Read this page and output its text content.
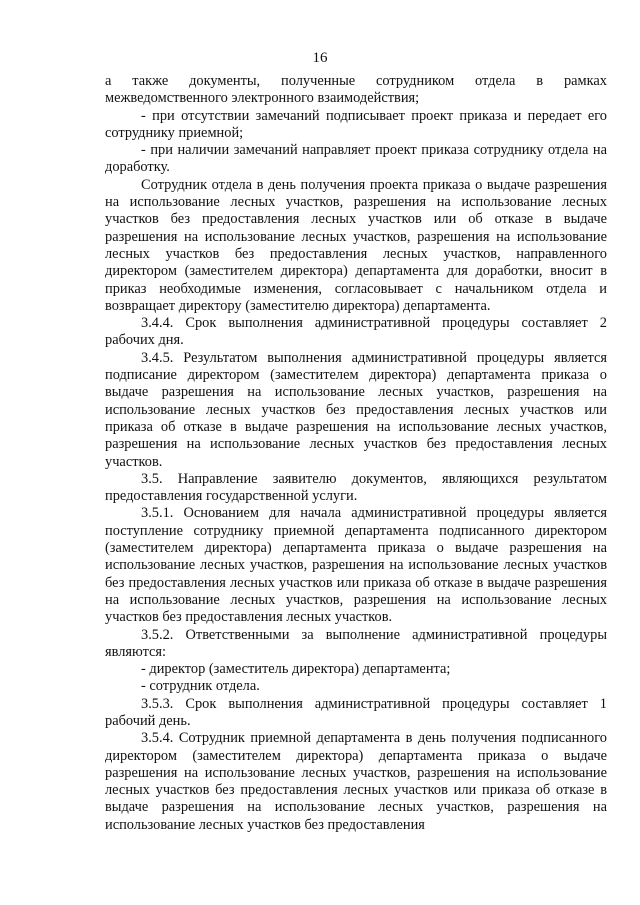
16

а также документы, полученные сотрудником отдела в рамках межведомственного электронного взаимодействия;

- при отсутствии замечаний подписывает проект приказа и передает его сотруднику приемной;

- при наличии замечаний направляет проект приказа сотруднику отдела на доработку.

Сотрудник отдела в день получения проекта приказа о выдаче разрешения на использование лесных участков, разрешения на использование лесных участков без предоставления лесных участков или об отказе в выдаче разрешения на использование лесных участков, разрешения на использование лесных участков без предоставления лесных участков, направленного директором (заместителем директора) департамента для доработки, вносит в приказ необходимые изменения, согласовывает с начальником отдела и возвращает директору (заместителю директора) департамента.

3.4.4. Срок выполнения административной процедуры составляет 2 рабочих дня.

3.4.5. Результатом выполнения административной процедуры является подписание директором (заместителем директора) департамента приказа о выдаче разрешения на использование лесных участков, разрешения на использование лесных участков без предоставления лесных участков или приказа об отказе в выдаче разрешения на использование лесных участков, разрешения на использование лесных участков без предоставления лесных участков.

3.5. Направление заявителю документов, являющихся результатом предоставления государственной услуги.

3.5.1. Основанием для начала административной процедуры является поступление сотруднику приемной департамента подписанного директором (заместителем директора) департамента приказа о выдаче разрешения на использование лесных участков, разрешения на использование лесных участков без предоставления лесных участков или приказа об отказе в выдаче разрешения на использование лесных участков, разрешения на использование лесных участков без предоставления лесных участков.

3.5.2. Ответственными за выполнение административной процедуры являются:

- директор (заместитель директора) департамента;

- сотрудник отдела.

3.5.3. Срок выполнения административной процедуры составляет 1 рабочий день.

3.5.4. Сотрудник приемной департамента в день получения подписанного директором (заместителем директора) департамента приказа о выдаче разрешения на использование лесных участков, разрешения на использование лесных участков без предоставления лесных участков или приказа об отказе в выдаче разрешения на использование лесных участков, разрешения на использование лесных участков без предоставления
